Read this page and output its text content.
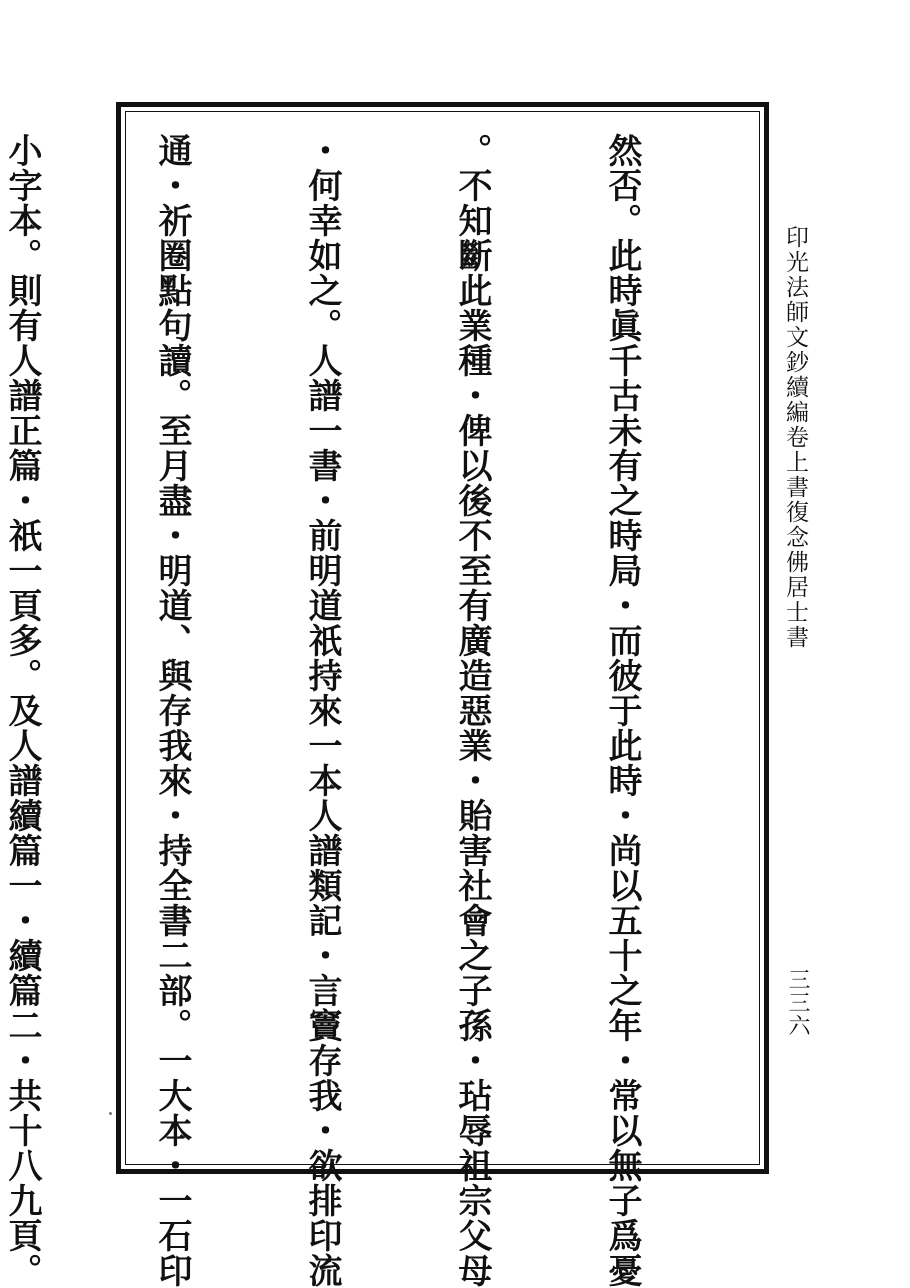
然否。此時眞千古未有之時局・而彼于此時・尚以五十之年・常以無子爲憂

。不知斷此業種・俾以後不至有廣造惡業・貽害社會之子孫・玷辱祖宗父母

・何幸如之。人譜一書・前明道祇持來一本人譜類記・言竇存我・欲排印流

通・祈圈點句讀。至月盡・明道、與存我來・持全書二部。一大本・一石印

小字本。則有人譜正篇・祇一頁多。及人譜續篇一・續篇二・共十八九頁。

	印光法師文鈔續編卷上書復念佛居士書
三三六
